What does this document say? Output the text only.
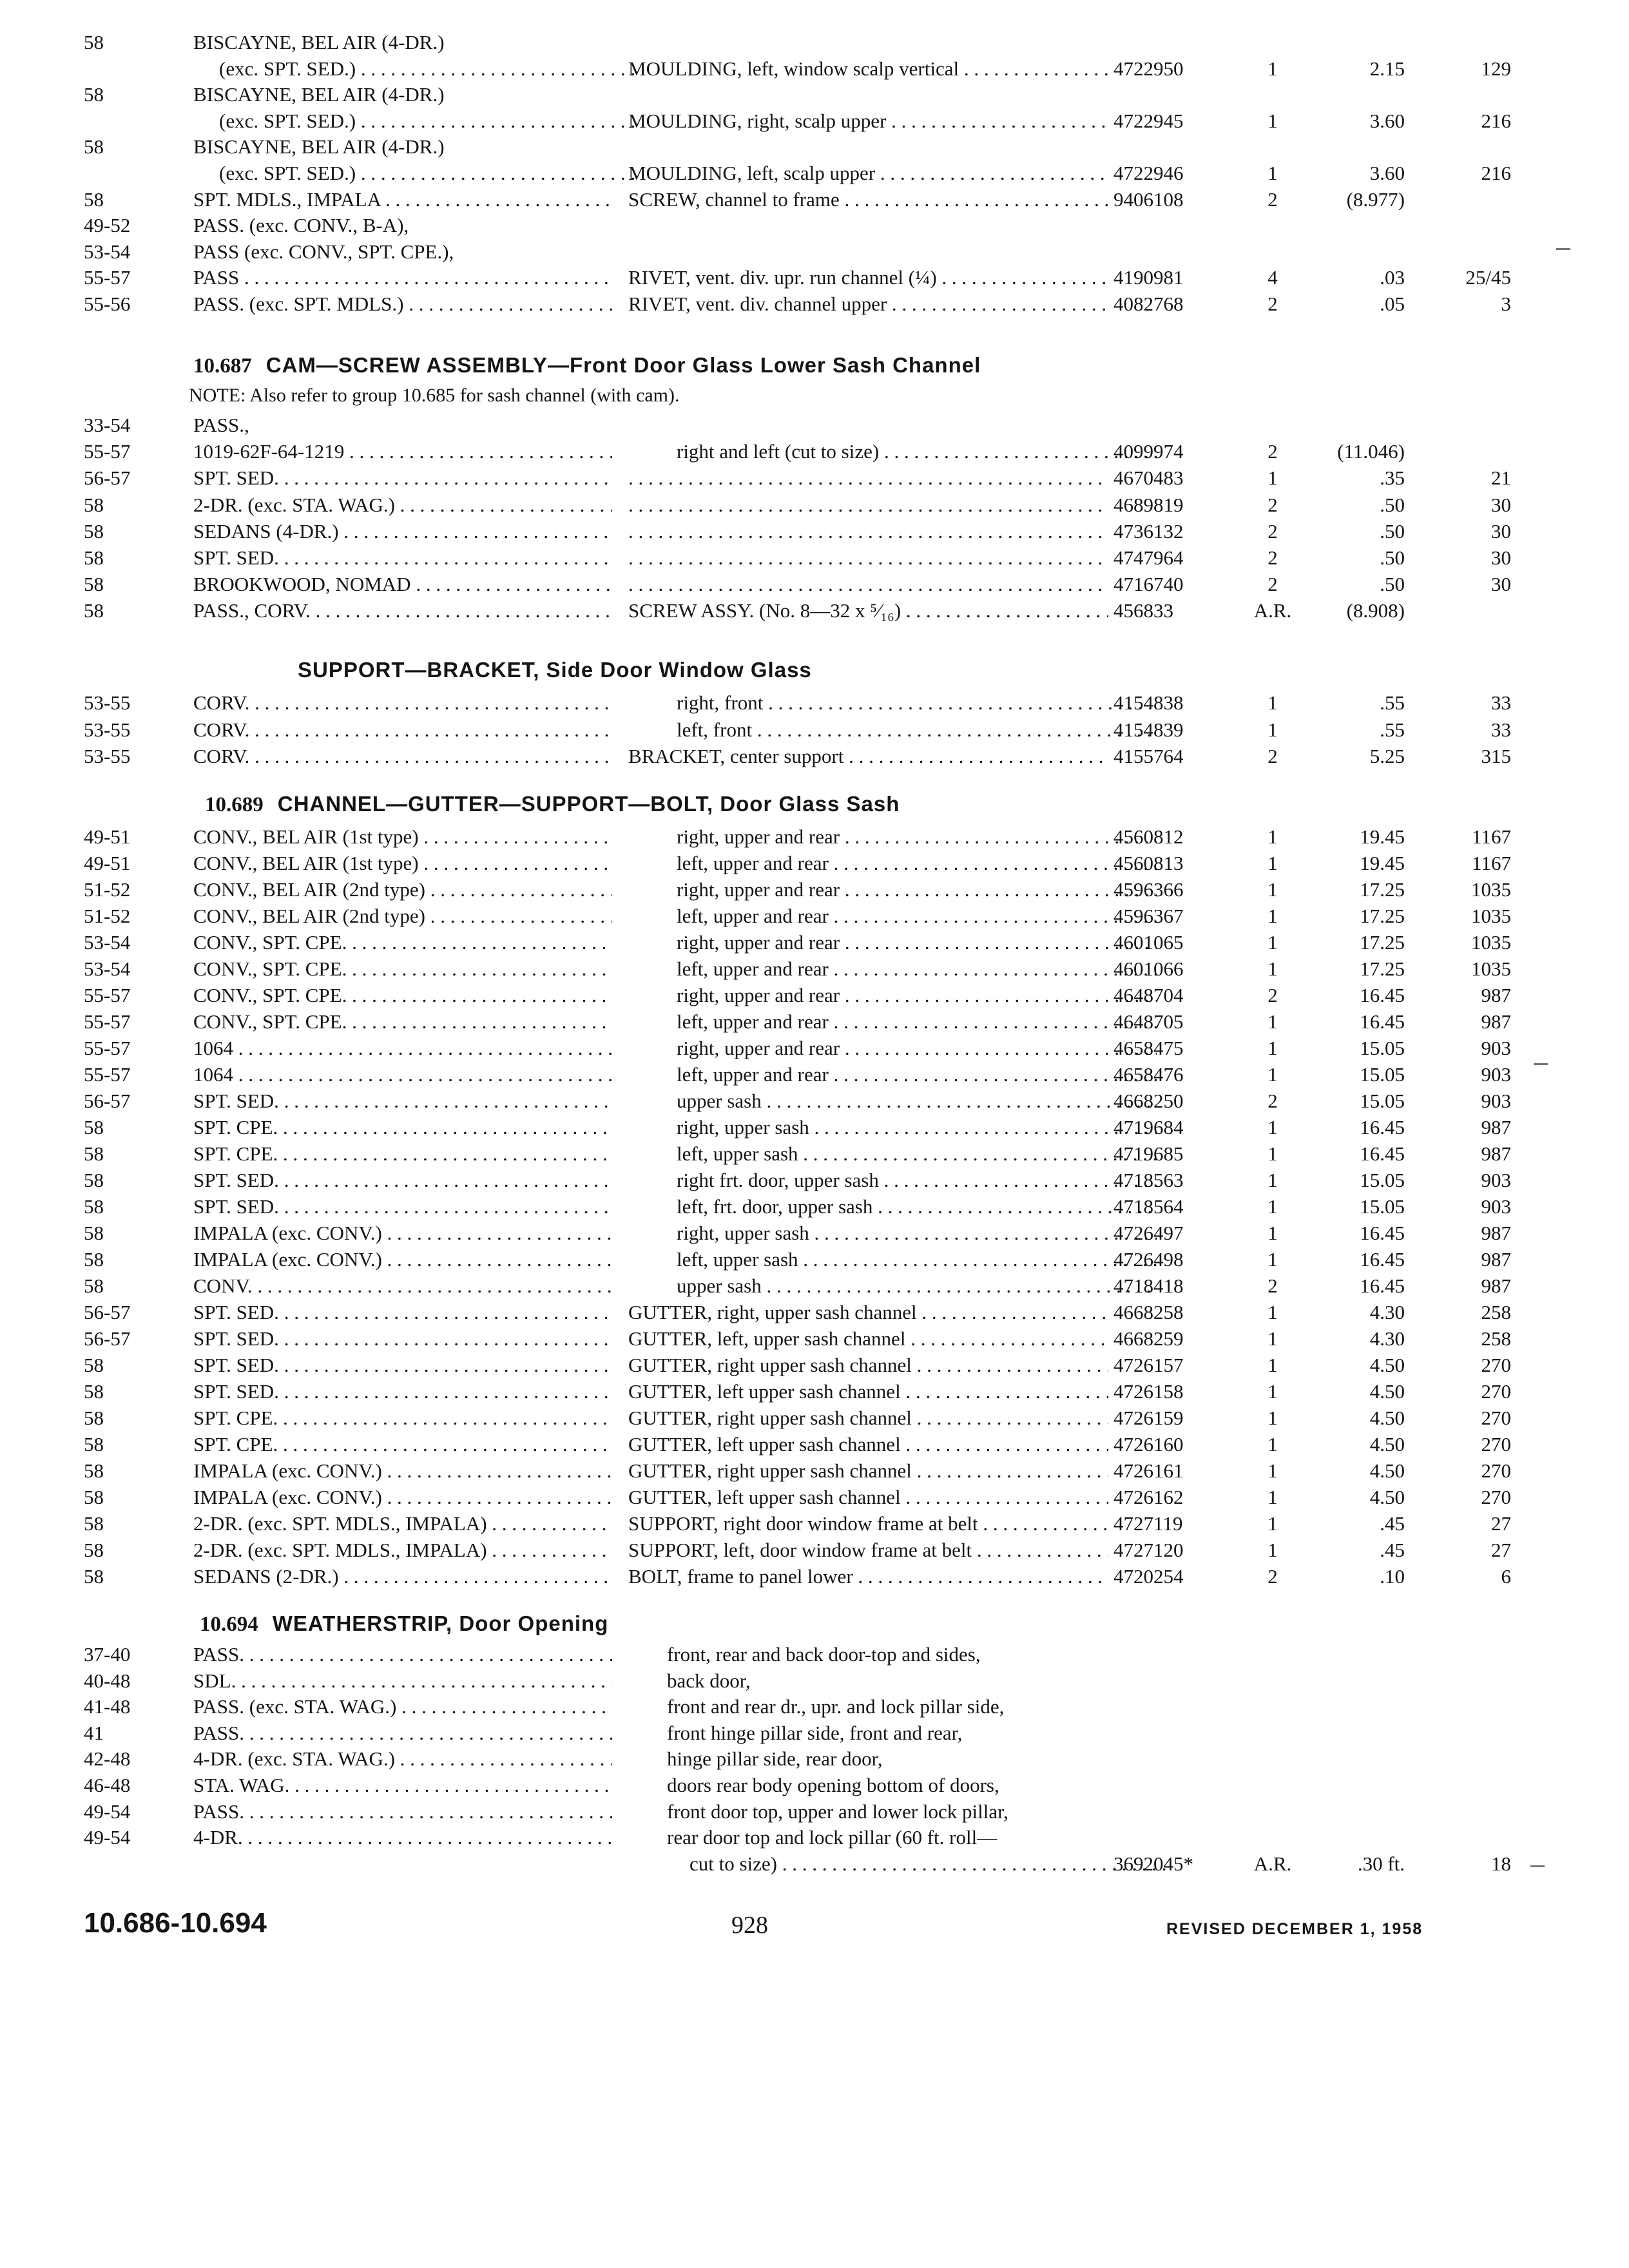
58	BISCAYNE, BEL AIR (4-DR.)
(exc. SPT. SED.) . . .	MOULDING, left, window scalp vertical . . .	4722950	1	2.15	129
58	BISCAYNE, BEL AIR (4-DR.)
(exc. SPT. SED.) . . .	MOULDING, right, scalp upper . . .	4722945	1	3.60	216
58	BISCAYNE, BEL AIR (4-DR.)
(exc. SPT. SED.) . . .	MOULDING, left, scalp upper . . .	4722946	1	3.60	216
58	SPT. MDLS., IMPALA . . .	SCREW, channel to frame . . .	9406108	2	(8.977)
49-52	PASS. (exc. CONV., B-A),
53-54	PASS (exc. CONV., SPT. CPE.),
55-57	PASS . . .	RIVET, vent. div. upr. run channel (¼) . . .	4190981	4	.03	25/45
55-56	PASS. (exc. SPT. MDLS.) . . .	RIVET, vent. div. channel upper . . .	4082768	2	.05	3
10.687 CAM—SCREW ASSEMBLY—Front Door Glass Lower Sash Channel
NOTE: Also refer to group 10.685 for sash channel (with cam).
33-54	PASS.,
55-57	1019-62F-64-1219 . . .	right and left (cut to size) . . .	4099974	2	(11.046)
56-57	SPT. SED. . . . . . .	4670483	1	.35	21
58	2-DR. (exc. STA. WAG.) . . . . . .	4689819	2	.50	30
58	SEDANS (4-DR.) . . . . . .	4736132	2	.50	30
58	SPT. SED. . . . . . .	4747964	2	.50	30
58	BROOKWOOD, NOMAD . . . . . .	4716740	2	.50	30
58	PASS., CORV. . . .	SCREW ASSY. (No. 8—32 x ⁵⁄₁₆) . . .	456833	A.R.	(8.908)
SUPPORT—BRACKET, Side Door Window Glass
53-55	CORV. . . .	right, front . . .	4154838	1	.55	33
53-55	CORV. . . .	left, front . . .	4154839	1	.55	33
53-55	CORV. . . .	BRACKET, center support . . .	4155764	2	5.25	315
10.689 CHANNEL—GUTTER—SUPPORT—BOLT, Door Glass Sash
49-51	CONV., BEL AIR (1st type) . . .	right, upper and rear . . .	4560812	1	19.45	1167
49-51	CONV., BEL AIR (1st type) . . .	left, upper and rear . . .	4560813	1	19.45	1167
51-52	CONV., BEL AIR (2nd type) . . .	right, upper and rear . . .	4596366	1	17.25	1035
51-52	CONV., BEL AIR (2nd type) . . .	left, upper and rear . . .	4596367	1	17.25	1035
53-54	CONV., SPT. CPE. . . .	right, upper and rear . . .	4601065	1	17.25	1035
53-54	CONV., SPT. CPE. . . .	left, upper and rear . . .	4601066	1	17.25	1035
55-57	CONV., SPT. CPE. . . .	right, upper and rear . . .	4648704	2	16.45	987
55-57	CONV., SPT. CPE. . . .	left, upper and rear . . .	4648705	1	16.45	987
55-57	1064 . . .	right, upper and rear . . .	4658475	1	15.05	903
55-57	1064 . . .	left, upper and rear . . .	4658476	1	15.05	903
56-57	SPT. SED. . . .	upper sash . . .	4668250	2	15.05	903
58	SPT. CPE. . . .	right, upper sash . . .	4719684	1	16.45	987
58	SPT. CPE. . . .	left, upper sash . . .	4719685	1	16.45	987
58	SPT. SED. . . .	right frt. door, upper sash . . .	4718563	1	15.05	903
58	SPT. SED. . . .	left, frt. door, upper sash . . .	4718564	1	15.05	903
58	IMPALA (exc. CONV.) . . .	right, upper sash . . .	4726497	1	16.45	987
58	IMPALA (exc. CONV.) . . .	left, upper sash . . .	4726498	1	16.45	987
58	CONV. . . .	upper sash . . .	4718418	2	16.45	987
56-57	SPT. SED. . . .	GUTTER, right, upper sash channel . . .	4668258	1	4.30	258
56-57	SPT. SED. . . .	GUTTER, left, upper sash channel . . .	4668259	1	4.30	258
58	SPT. SED. . . .	GUTTER, right upper sash channel . . .	4726157	1	4.50	270
58	SPT. SED. . . .	GUTTER, left upper sash channel . . .	4726158	1	4.50	270
58	SPT. CPE. . . .	GUTTER, right upper sash channel . . .	4726159	1	4.50	270
58	SPT. CPE. . . .	GUTTER, left upper sash channel . . .	4726160	1	4.50	270
58	IMPALA (exc. CONV.) . . .	GUTTER, right upper sash channel . . .	4726161	1	4.50	270
58	IMPALA (exc. CONV.) . . .	GUTTER, left upper sash channel . . .	4726162	1	4.50	270
58	2-DR. (exc. SPT. MDLS., IMPALA) . . .	SUPPORT, right door window frame at belt . . .	4727119	1	.45	27
58	2-DR. (exc. SPT. MDLS., IMPALA) . . .	SUPPORT, left, door window frame at belt . . .	4727120	1	.45	27
58	SEDANS (2-DR.) . . .	BOLT, frame to panel lower . . .	4720254	2	.10	6
10.694 WEATHERSTRIP, Door Opening
37-40	PASS. . . .	front, rear and back door-top and sides,
40-48	SDL. . . .	back door,
41-48	PASS. (exc. STA. WAG.) . . .	front and rear dr., upr. and lock pillar side,
41	PASS. . . .	front hinge pillar side, front and rear,
42-48	4-DR. (exc. STA. WAG.) . . .	hinge pillar side, rear door,
46-48	STA. WAG. . . .	doors rear body opening bottom of doors,
49-54	PASS. . . .	front door top, upper and lower lock pillar,
49-54	4-DR. . . .	rear door top and lock pillar (60 ft. roll—
cut to size) . . .	3692045*	A.R.	.30 ft.	18
10.686-10.694	928	REVISED DECEMBER 1, 1958
